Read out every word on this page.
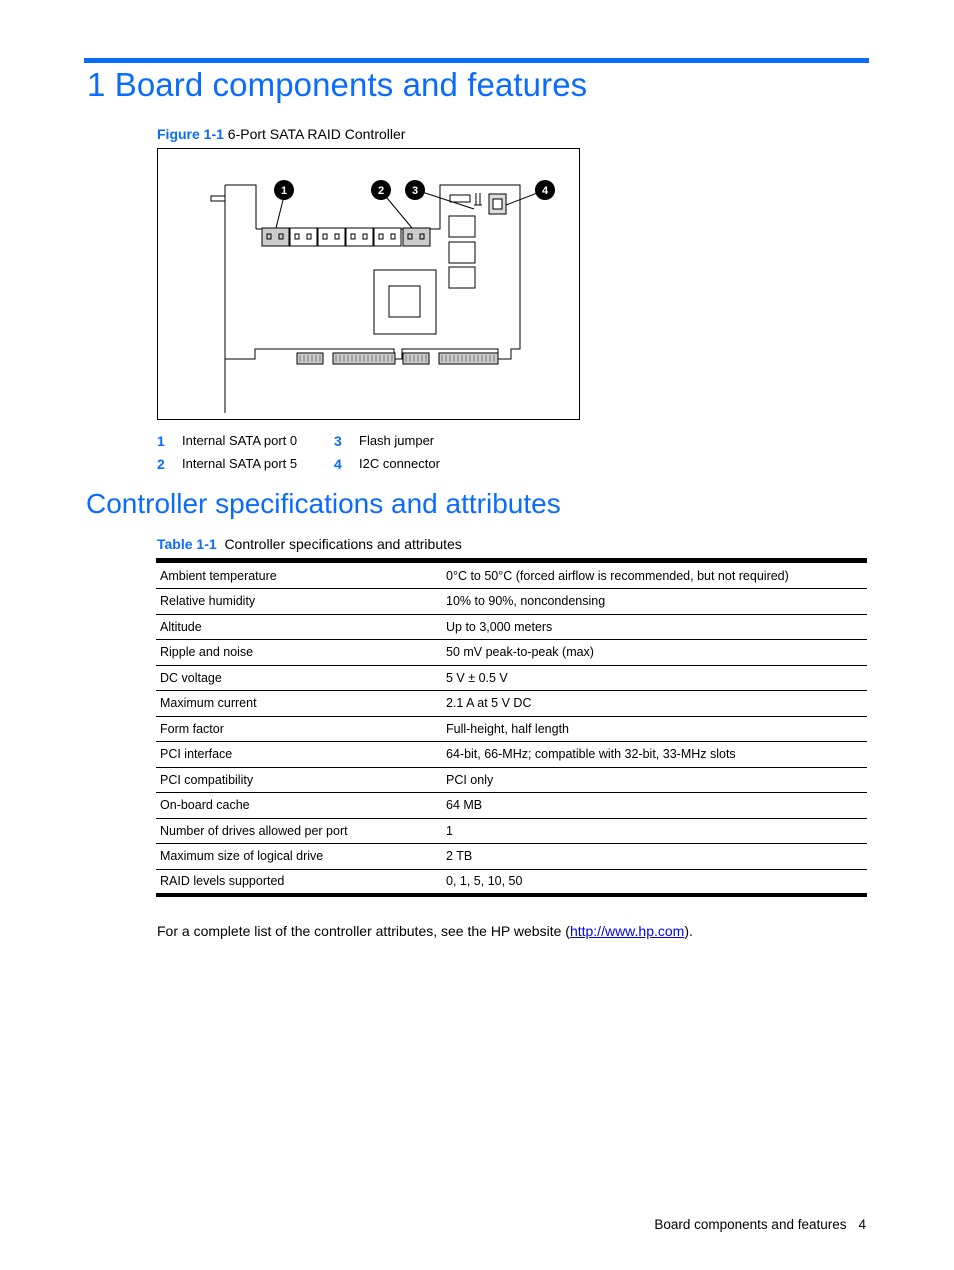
1 Board components and features
Figure 1-1 6-Port SATA RAID Controller
1	2	3	4
1 Internal SATA port 0	3 Flash jumper
2 Internal SATA port 5	4 I2C connector
Controller specifications and attributes
Table 1-1 Controller specifications and attributes

Ambient temperature	0°C to 50°C (forced airflow is recommended, but not required)
Relative humidity	10% to 90%, noncondensing
Altitude	Up to 3,000 meters
Ripple and noise	50 mV peak-to-peak (max)
DC voltage	5 V ± 0.5 V
Maximum current	2.1 A at 5 V DC
Form factor	Full-height, half length
PCI interface	64-bit, 66-MHz; compatible with 32-bit, 33-MHz slots
PCI compatibility	PCI only
On-board cache	64 MB
Number of drives allowed per port	1
Maximum size of logical drive	2 TB
RAID levels supported	0, 1, 5, 10, 50
For a complete list of the controller attributes, see the HP website (http://www.hp.com).
Board components and features 4
